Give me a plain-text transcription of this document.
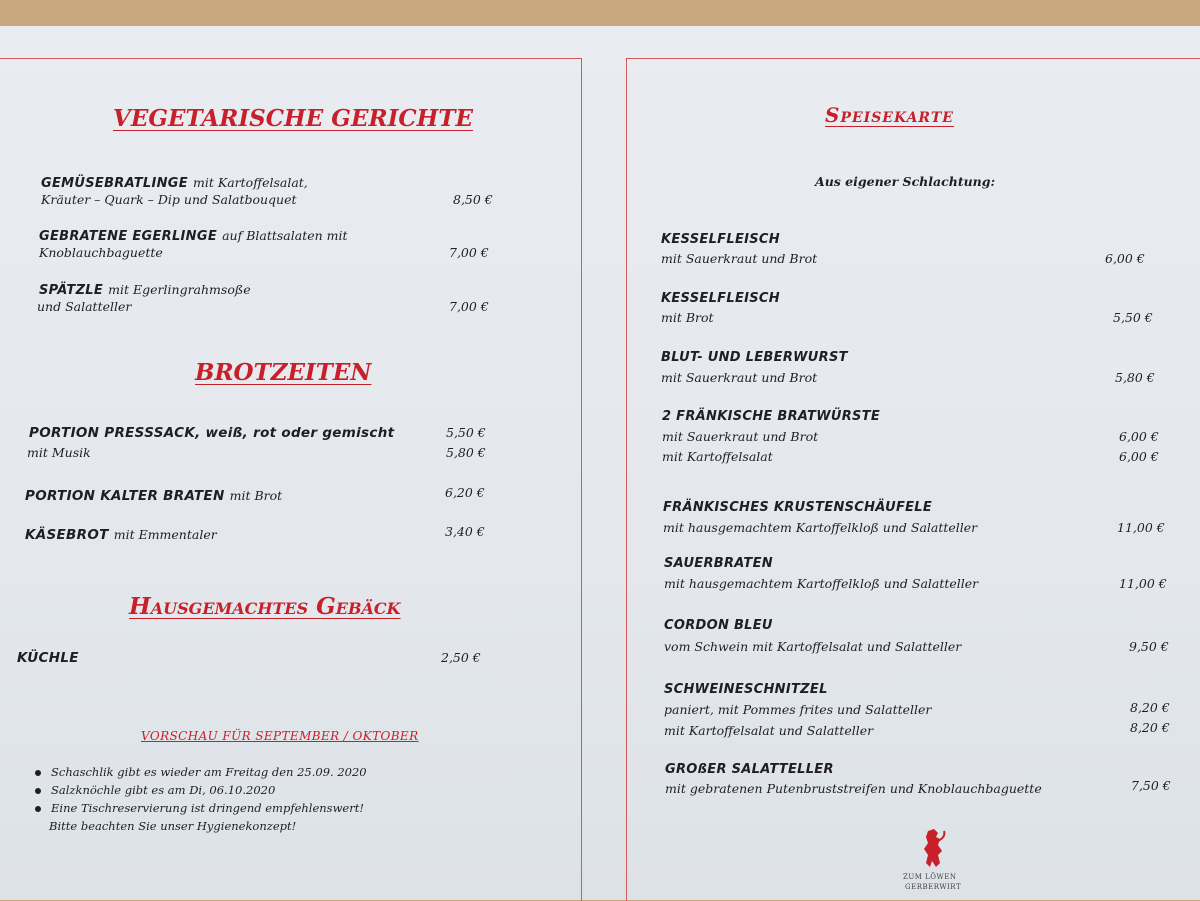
VEGETARISCHE GERICHTE
GEMÜSEBRATLINGE mit Kartoffelsalat,
Kräuter – Quark – Dip und Salatbouquet	8,50 €
GEBRATENE EGERLINGE auf Blattsalaten mit
Knoblauchbaguette	7,00 €
SPÄTZLE mit Egerlingrahmsoße
und Salatteller	7,00 €
BROTZEITEN
PORTION PRESSSACK, weiß, rot oder gemischt	5,50 €
mit Musik	5,80 €
PORTION KALTER BRATEN mit Brot	6,20 €
KÄSEBROT mit Emmentaler	3,40 €
Hausgemachtes Gebäck
KÜCHLE	2,50 €
VORSCHAU FÜR SEPTEMBER / OKTOBER
Schaschlik gibt es wieder am Freitag den 25.09. 2020
Salzknöchle gibt es am Di, 06.10.2020
Eine Tischreservierung ist dringend empfehlenswert!
Bitte beachten Sie unser Hygienekonzept!
Speisekarte
Aus eigener Schlachtung:
KESSELFLEISCH
mit Sauerkraut und Brot	6,00 €
KESSELFLEISCH
mit Brot	5,50 €
BLUT- UND LEBERWURST
mit Sauerkraut und Brot	5,80 €
2 FRÄNKISCHE BRATWÜRSTE
mit Sauerkraut und Brot	6,00 €
mit Kartoffelsalat	6,00 €
FRÄNKISCHES KRUSTENSCHÄUFELE
mit hausgemachtem Kartoffelkloß und Salatteller	11,00 €
SAUERBRATEN
mit hausgemachtem Kartoffelkloß und Salatteller	11,00 €
CORDON BLEU
vom Schwein mit Kartoffelsalat und Salatteller	9,50 €
SCHWEINESCHNITZEL
paniert, mit Pommes frites und Salatteller	8,20 €
mit Kartoffelsalat und Salatteller	8,20 €
GROßER SALATTELLER
mit gebratenen Putenbruststreifen und Knoblauchbaguette	7,50 €
ZUM LÖWEN
GERBERWIRT
